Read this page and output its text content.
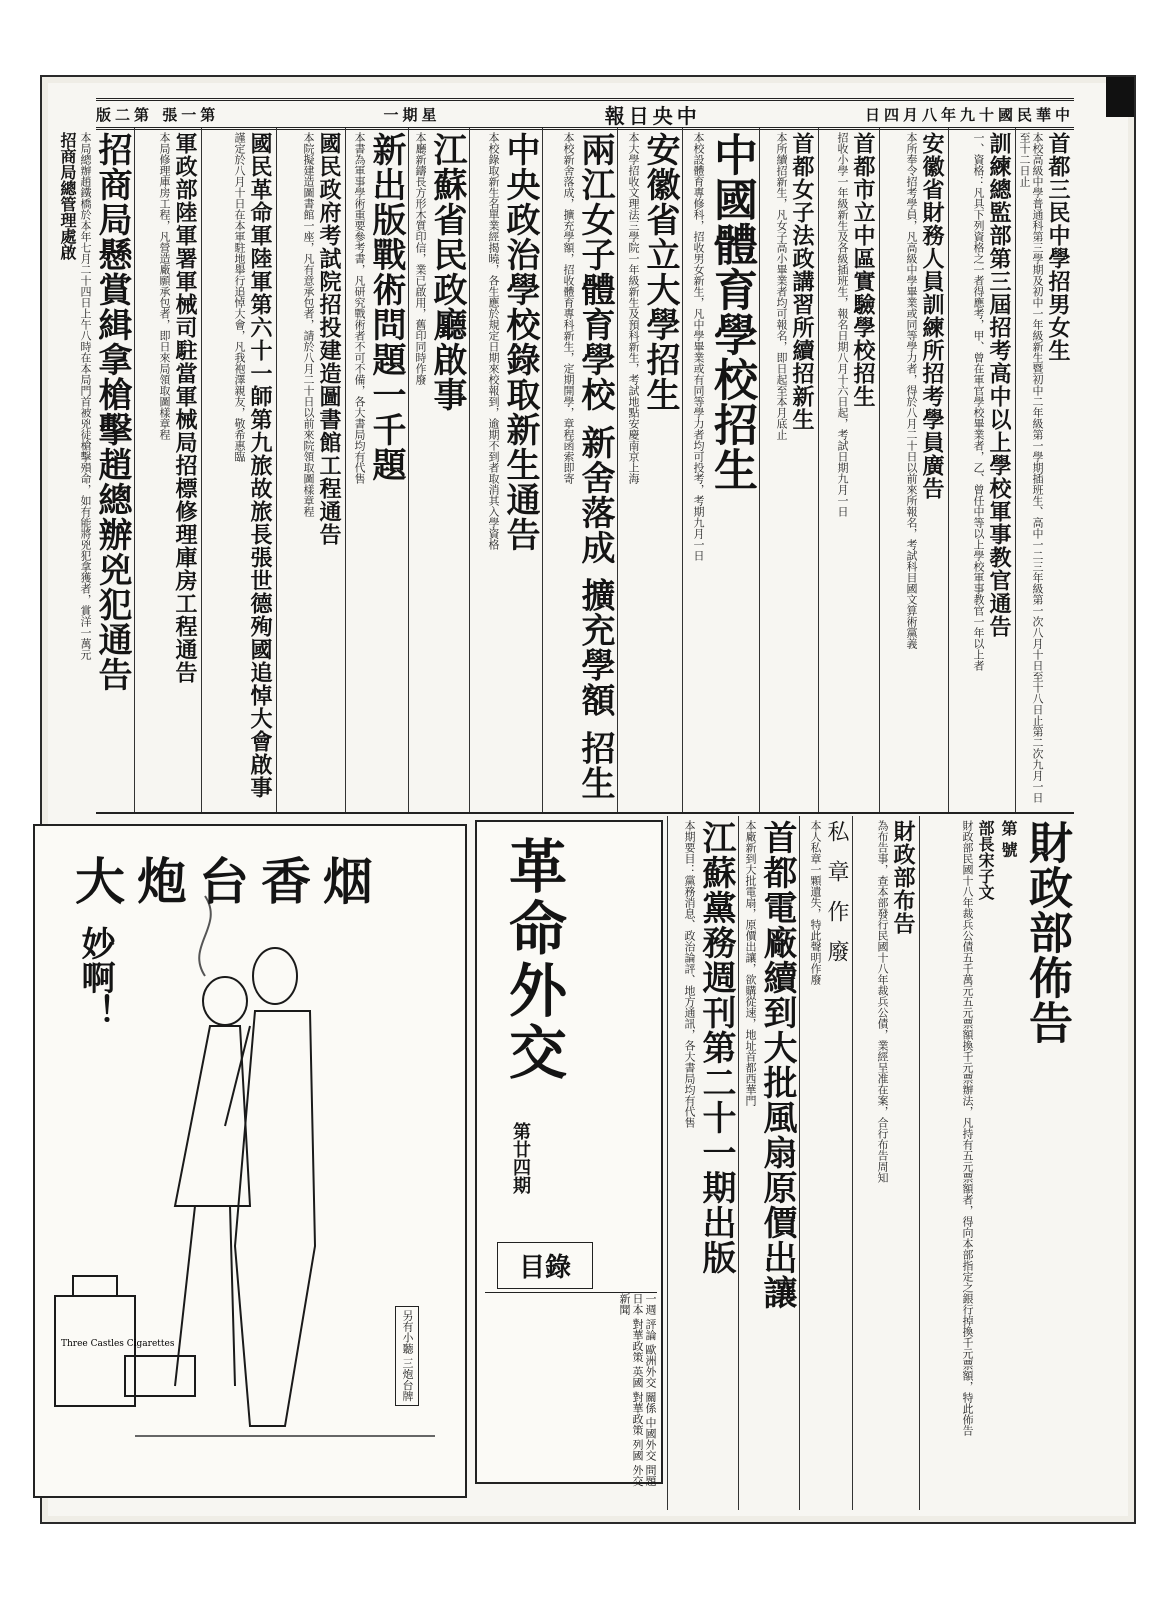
版二第 張一第	一期星	報日央中	日四月八年九十國民華中
首都三民中學招男女生
本校高級中學普通科第三學期及初中一年級新生暨初中二年級第一學期插班生、高中一二三年級第一次八月十日至十八日止第二次九月一日至十二日止
訓練總監部第三屆招考高中以上學校軍事教官通告
一、資格：凡具下列資格之一者得應考，甲、曾在軍官學校畢業者，乙、曾任中等以上學校軍事教官一年以上者
安徽省財務人員訓練所招考學員廣告
本所奉令招考學員，凡高級中學畢業或同等學力者，得於八月二十日以前來所報名，考試科目國文算術黨義
首都市立中區實驗學校招生
招收小學一年級新生及各級插班生，報名日期八月十六日起，考試日期九月一日
首都女子法政講習所續招新生
本所續招新生，凡女子高小畢業者均可報名，即日起至本月底止
中國體育學校招生
本校設體育專修科，招收男女新生，凡中學畢業或有同等學力者均可投考，考期九月一日
安徽省立大學招生
本大學招收文理法三學院一年級新生及預科新生，考試地點安慶南京上海
兩江女子體育學校 新舍落成 擴充學額 招生
本校新舍落成，擴充學額，招收體育專科新生，定期開學，章程函索即寄
中央政治學校錄取新生通告
本校錄取新生名單業經揭曉，各生應於規定日期來校報到，逾期不到者取消其入學資格
江蘇省民政廳啟事
本廳新鑄長方形木質印信，業已啟用，舊印同時作廢
新出版戰術問題一千題
本書為軍事學術重要參考書，凡研究戰術者不可不備，各大書局均有代售
國民政府考試院招投建造圖書館工程通告
本院擬建造圖書館一座，凡有意承包者，請於八月二十日以前來院領取圖樣章程
國民革命軍陸軍第六十一師第九旅故旅長張世德殉國追悼大會啟事
謹定於八月十日在本軍駐地舉行追悼大會，凡我袍澤親友，敬希惠臨
軍政部陸軍署軍械司駐當軍械局招標修理庫房工程通告
本局修理庫房工程，凡營造廠願承包者，即日來局領取圖樣章程
招商局懸賞緝拿槍擊趙總辦兇犯通告
本局總辦趙鐵橋於本年七月二十四日上午八時在本局門首被兇徒槍擊殞命，如有能將兇犯拿獲者，賞洋一萬元
招商局總管理處啟
財政部佈告
第 號
部長宋子文
財政部民國十八年裁兵公債五千萬元五元票額換千元票辦法，凡持有五元票額者，得向本部指定之銀行掉換千元票額，特此佈告
財政部布告
為布告事，查本部發行民國十八年裁兵公債，業經呈准在案，合行布告周知
私章作廢
本人私章一顆遺失，特此聲明作廢
首都電廠續到大批風扇原價出讓
本廠新到大批電扇，原價出讓，欲購從速，地址首都西華門
江蘇黨務週刊第二十一期出版
本期要目：黨務消息、政治論評、地方通訊，各大書局均有代售
革命外交
第廿四期
目錄
一週 評論 歐洲外交 關係 中國外交 問題 日本 對華政策 英國 對華政策 列國 外交新聞
Three Castles Cigarettes
大炮台香烟
妙啊！
另有小聽 三炮台牌
